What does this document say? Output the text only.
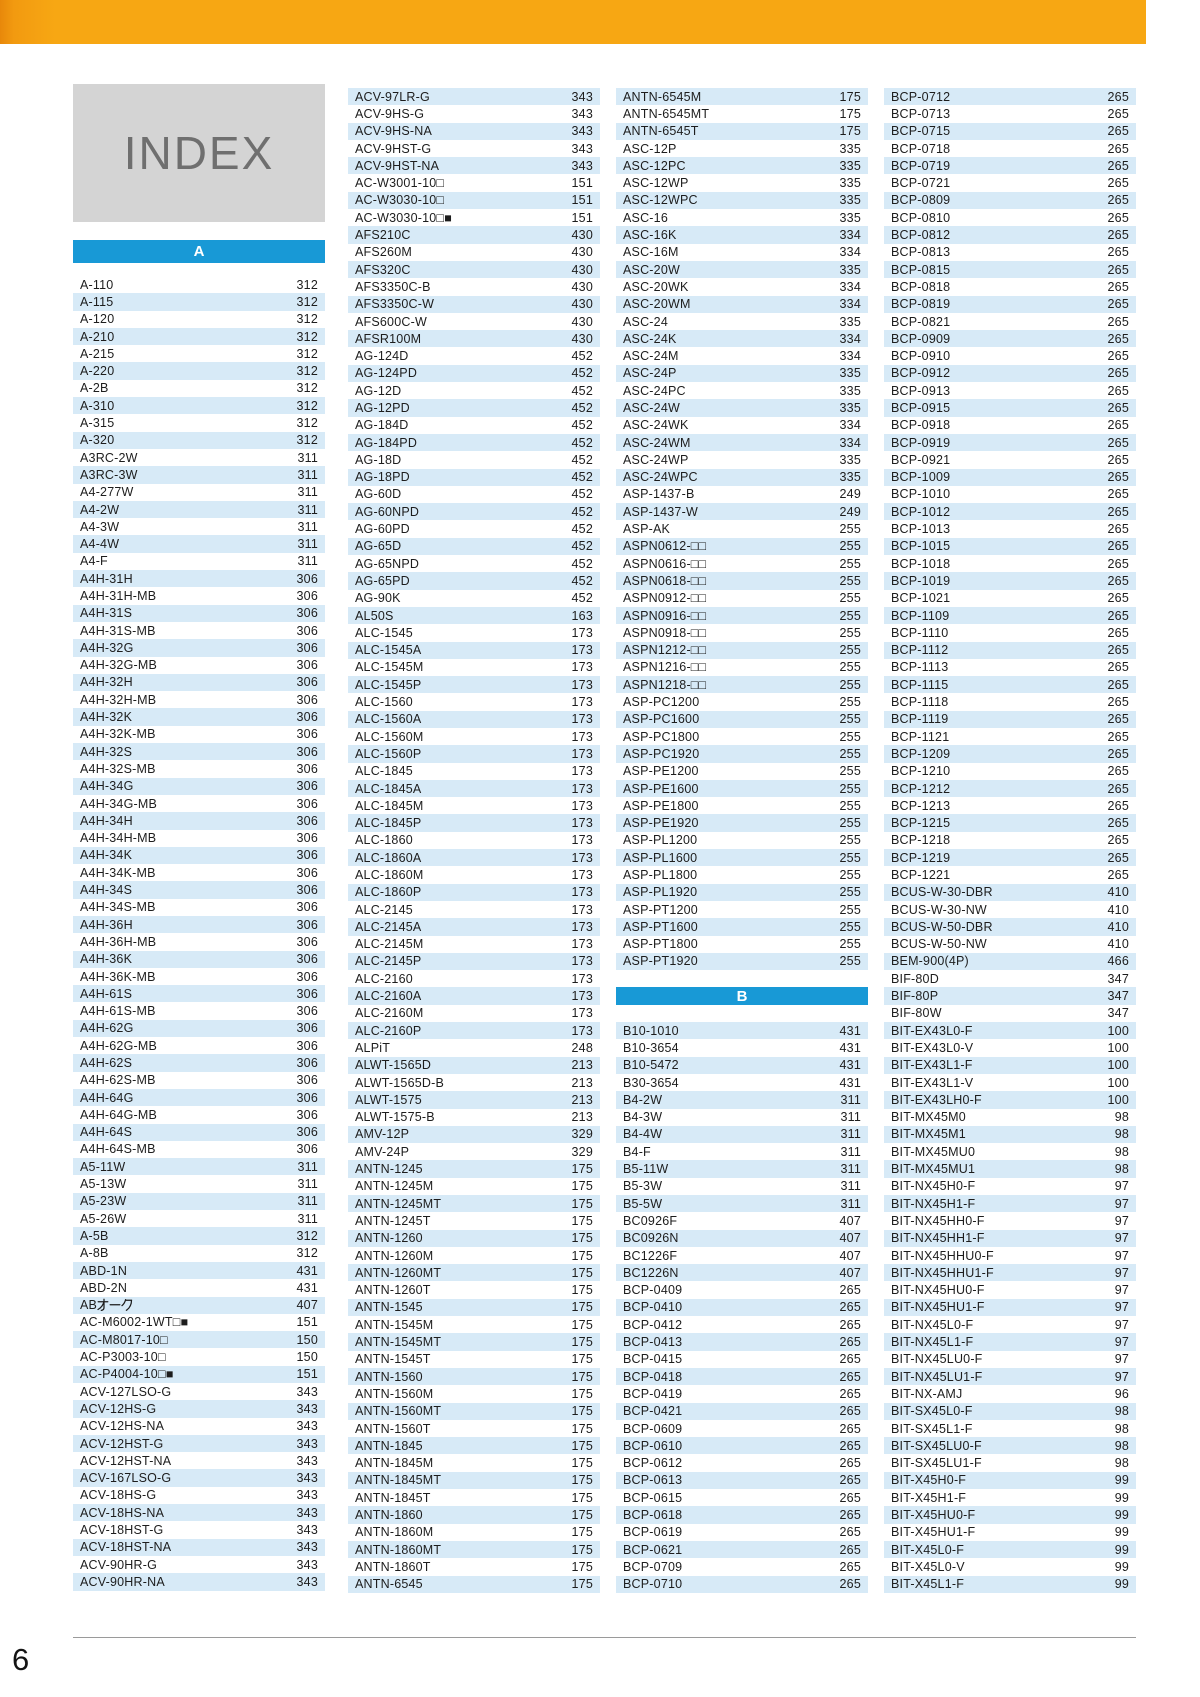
INDEX
A
A-110	312
A-115	312
A-120	312
A-210	312
A-215	312
A-220	312
A-2B	312
A-310	312
A-315	312
A-320	312
A3RC-2W	311
A3RC-3W	311
A4-277W	311
A4-2W	311
A4-3W	311
A4-4W	311
A4-F	311
A4H-31H	306
A4H-31H-MB	306
A4H-31S	306
A4H-31S-MB	306
A4H-32G	306
A4H-32G-MB	306
A4H-32H	306
A4H-32H-MB	306
A4H-32K	306
A4H-32K-MB	306
A4H-32S	306
A4H-32S-MB	306
A4H-34G	306
A4H-34G-MB	306
A4H-34H	306
A4H-34H-MB	306
A4H-34K	306
A4H-34K-MB	306
A4H-34S	306
A4H-34S-MB	306
A4H-36H	306
A4H-36H-MB	306
A4H-36K	306
A4H-36K-MB	306
A4H-61S	306
A4H-61S-MB	306
A4H-62G	306
A4H-62G-MB	306
A4H-62S	306
A4H-62S-MB	306
A4H-64G	306
A4H-64G-MB	306
A4H-64S	306
A4H-64S-MB	306
A5-11W	311
A5-13W	311
A5-23W	311
A5-26W	311
A-5B	312
A-8B	312
ABD-1N	431
ABD-2N	431
AB	407
AC-M6002-1WT□■	151
AC-M8017-10□	150
AC-P3003-10□	150
AC-P4004-10□■	151
ACV-127LSO-G	343
ACV-12HS-G	343
ACV-12HS-NA	343
ACV-12HST-G	343
ACV-12HST-NA	343
ACV-167LSO-G	343
ACV-18HS-G	343
ACV-18HS-NA	343
ACV-18HST-G	343
ACV-18HST-NA	343
ACV-90HR-G	343
ACV-90HR-NA	343
ACV-97LR-G	343
ACV-9HS-G	343
ACV-9HS-NA	343
ACV-9HST-G	343
ACV-9HST-NA	343
AC-W3001-10□	151
AC-W3030-10□	151
AC-W3030-10□■	151
AFS210C	430
AFS260M	430
AFS320C	430
AFS3350C-B	430
AFS3350C-W	430
AFS600C-W	430
AFSR100M	430
AG-124D	452
AG-124PD	452
AG-12D	452
AG-12PD	452
AG-184D	452
AG-184PD	452
AG-18D	452
AG-18PD	452
AG-60D	452
AG-60NPD	452
AG-60PD	452
AG-65D	452
AG-65NPD	452
AG-65PD	452
AG-90K	452
AL50S	163
ALC-1545	173
ALC-1545A	173
ALC-1545M	173
ALC-1545P	173
ALC-1560	173
ALC-1560A	173
ALC-1560M	173
ALC-1560P	173
ALC-1845	173
ALC-1845A	173
ALC-1845M	173
ALC-1845P	173
ALC-1860	173
ALC-1860A	173
ALC-1860M	173
ALC-1860P	173
ALC-2145	173
ALC-2145A	173
ALC-2145M	173
ALC-2145P	173
ALC-2160	173
ALC-2160A	173
ALC-2160M	173
ALC-2160P	173
ALPiT	248
ALWT-1565D	213
ALWT-1565D-B	213
ALWT-1575	213
ALWT-1575-B	213
AMV-12P	329
AMV-24P	329
ANTN-1245	175
ANTN-1245M	175
ANTN-1245MT	175
ANTN-1245T	175
ANTN-1260	175
ANTN-1260M	175
ANTN-1260MT	175
ANTN-1260T	175
ANTN-1545	175
ANTN-1545M	175
ANTN-1545MT	175
ANTN-1545T	175
ANTN-1560	175
ANTN-1560M	175
ANTN-1560MT	175
ANTN-1560T	175
ANTN-1845	175
ANTN-1845M	175
ANTN-1845MT	175
ANTN-1845T	175
ANTN-1860	175
ANTN-1860M	175
ANTN-1860MT	175
ANTN-1860T	175
ANTN-6545	175
ANTN-6545M	175
ANTN-6545MT	175
ANTN-6545T	175
ASC-12P	335
ASC-12PC	335
ASC-12WP	335
ASC-12WPC	335
ASC-16	335
ASC-16K	334
ASC-16M	334
ASC-20W	335
ASC-20WK	334
ASC-20WM	334
ASC-24	335
ASC-24K	334
ASC-24M	334
ASC-24P	335
ASC-24PC	335
ASC-24W	335
ASC-24WK	334
ASC-24WM	334
ASC-24WP	335
ASC-24WPC	335
ASP-1437-B	249
ASP-1437-W	249
ASP-AK	255
ASPN0612-□□	255
ASPN0616-□□	255
ASPN0618-□□	255
ASPN0912-□□	255
ASPN0916-□□	255
ASPN0918-□□	255
ASPN1212-□□	255
ASPN1216-□□	255
ASPN1218-□□	255
ASP-PC1200	255
ASP-PC1600	255
ASP-PC1800	255
ASP-PC1920	255
ASP-PE1200	255
ASP-PE1600	255
ASP-PE1800	255
ASP-PE1920	255
ASP-PL1200	255
ASP-PL1600	255
ASP-PL1800	255
ASP-PL1920	255
ASP-PT1200	255
ASP-PT1600	255
ASP-PT1800	255
ASP-PT1920	255
B
B10-1010	431
B10-3654	431
B10-5472	431
B30-3654	431
B4-2W	311
B4-3W	311
B4-4W	311
B4-F	311
B5-11W	311
B5-3W	311
B5-5W	311
BC0926F	407
BC0926N	407
BC1226F	407
BC1226N	407
BCP-0409	265
BCP-0410	265
BCP-0412	265
BCP-0413	265
BCP-0415	265
BCP-0418	265
BCP-0419	265
BCP-0421	265
BCP-0609	265
BCP-0610	265
BCP-0612	265
BCP-0613	265
BCP-0615	265
BCP-0618	265
BCP-0619	265
BCP-0621	265
BCP-0709	265
BCP-0710	265
BCP-0712	265
BCP-0713	265
BCP-0715	265
BCP-0718	265
BCP-0719	265
BCP-0721	265
BCP-0809	265
BCP-0810	265
BCP-0812	265
BCP-0813	265
BCP-0815	265
BCP-0818	265
BCP-0819	265
BCP-0821	265
BCP-0909	265
BCP-0910	265
BCP-0912	265
BCP-0913	265
BCP-0915	265
BCP-0918	265
BCP-0919	265
BCP-0921	265
BCP-1009	265
BCP-1010	265
BCP-1012	265
BCP-1013	265
BCP-1015	265
BCP-1018	265
BCP-1019	265
BCP-1021	265
BCP-1109	265
BCP-1110	265
BCP-1112	265
BCP-1113	265
BCP-1115	265
BCP-1118	265
BCP-1119	265
BCP-1121	265
BCP-1209	265
BCP-1210	265
BCP-1212	265
BCP-1213	265
BCP-1215	265
BCP-1218	265
BCP-1219	265
BCP-1221	265
BCUS-W-30-DBR	410
BCUS-W-30-NW	410
BCUS-W-50-DBR	410
BCUS-W-50-NW	410
BEM-900(4P)	466
BIF-80D	347
BIF-80P	347
BIF-80W	347
BIT-EX43L0-F	100
BIT-EX43L0-V	100
BIT-EX43L1-F	100
BIT-EX43L1-V	100
BIT-EX43LH0-F	100
BIT-MX45M0	98
BIT-MX45M1	98
BIT-MX45MU0	98
BIT-MX45MU1	98
BIT-NX45H0-F	97
BIT-NX45H1-F	97
BIT-NX45HH0-F	97
BIT-NX45HH1-F	97
BIT-NX45HHU0-F	97
BIT-NX45HHU1-F	97
BIT-NX45HU0-F	97
BIT-NX45HU1-F	97
BIT-NX45L0-F	97
BIT-NX45L1-F	97
BIT-NX45LU0-F	97
BIT-NX45LU1-F	97
BIT-NX-AMJ	96
BIT-SX45L0-F	98
BIT-SX45L1-F	98
BIT-SX45LU0-F	98
BIT-SX45LU1-F	98
BIT-X45H0-F	99
BIT-X45H1-F	99
BIT-X45HU0-F	99
BIT-X45HU1-F	99
BIT-X45L0-F	99
BIT-X45L0-V	99
BIT-X45L1-F	99
6
